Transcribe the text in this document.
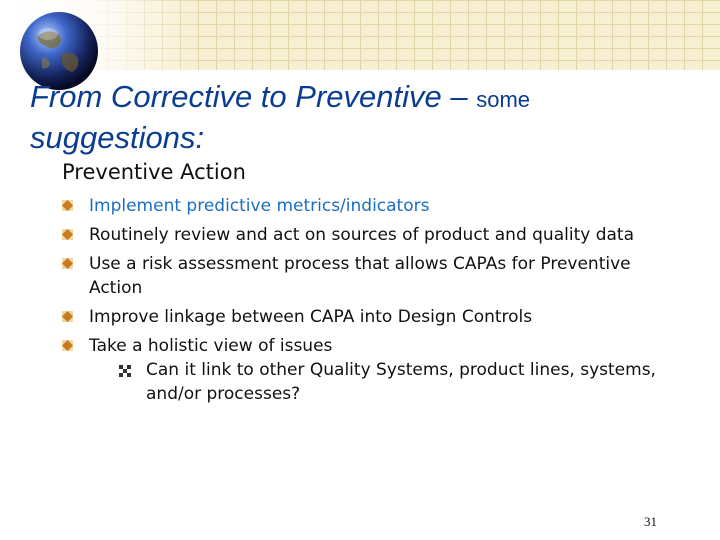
From Corrective to Preventive – some
suggestions:
Preventive Action
Implement predictive metrics/indicators
Routinely review and act on sources of product and quality data
Use a risk assessment process that allows CAPAs for Preventive Action
Improve linkage between CAPA into Design Controls
Take a holistic view of issues
Can it link to other Quality Systems, product lines, systems, and/or processes?
31
